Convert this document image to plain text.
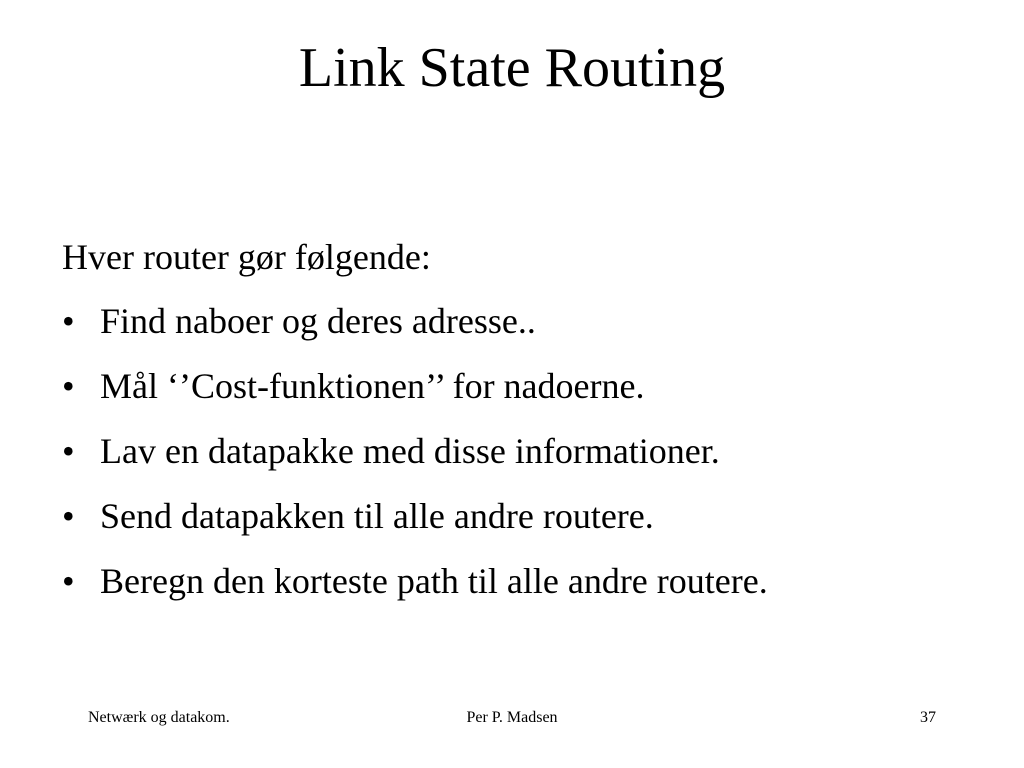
Link State Routing

Hver router gør følgende:

• Find naboer og deres adresse..
• Mål ‘’Cost-funktionen’’ for nadoerne.
• Lav en datapakke med disse informationer.
• Send datapakken til alle andre routere.
• Beregn den korteste path til alle andre routere.
Netwærk og datakom.	Per P. Madsen	37
